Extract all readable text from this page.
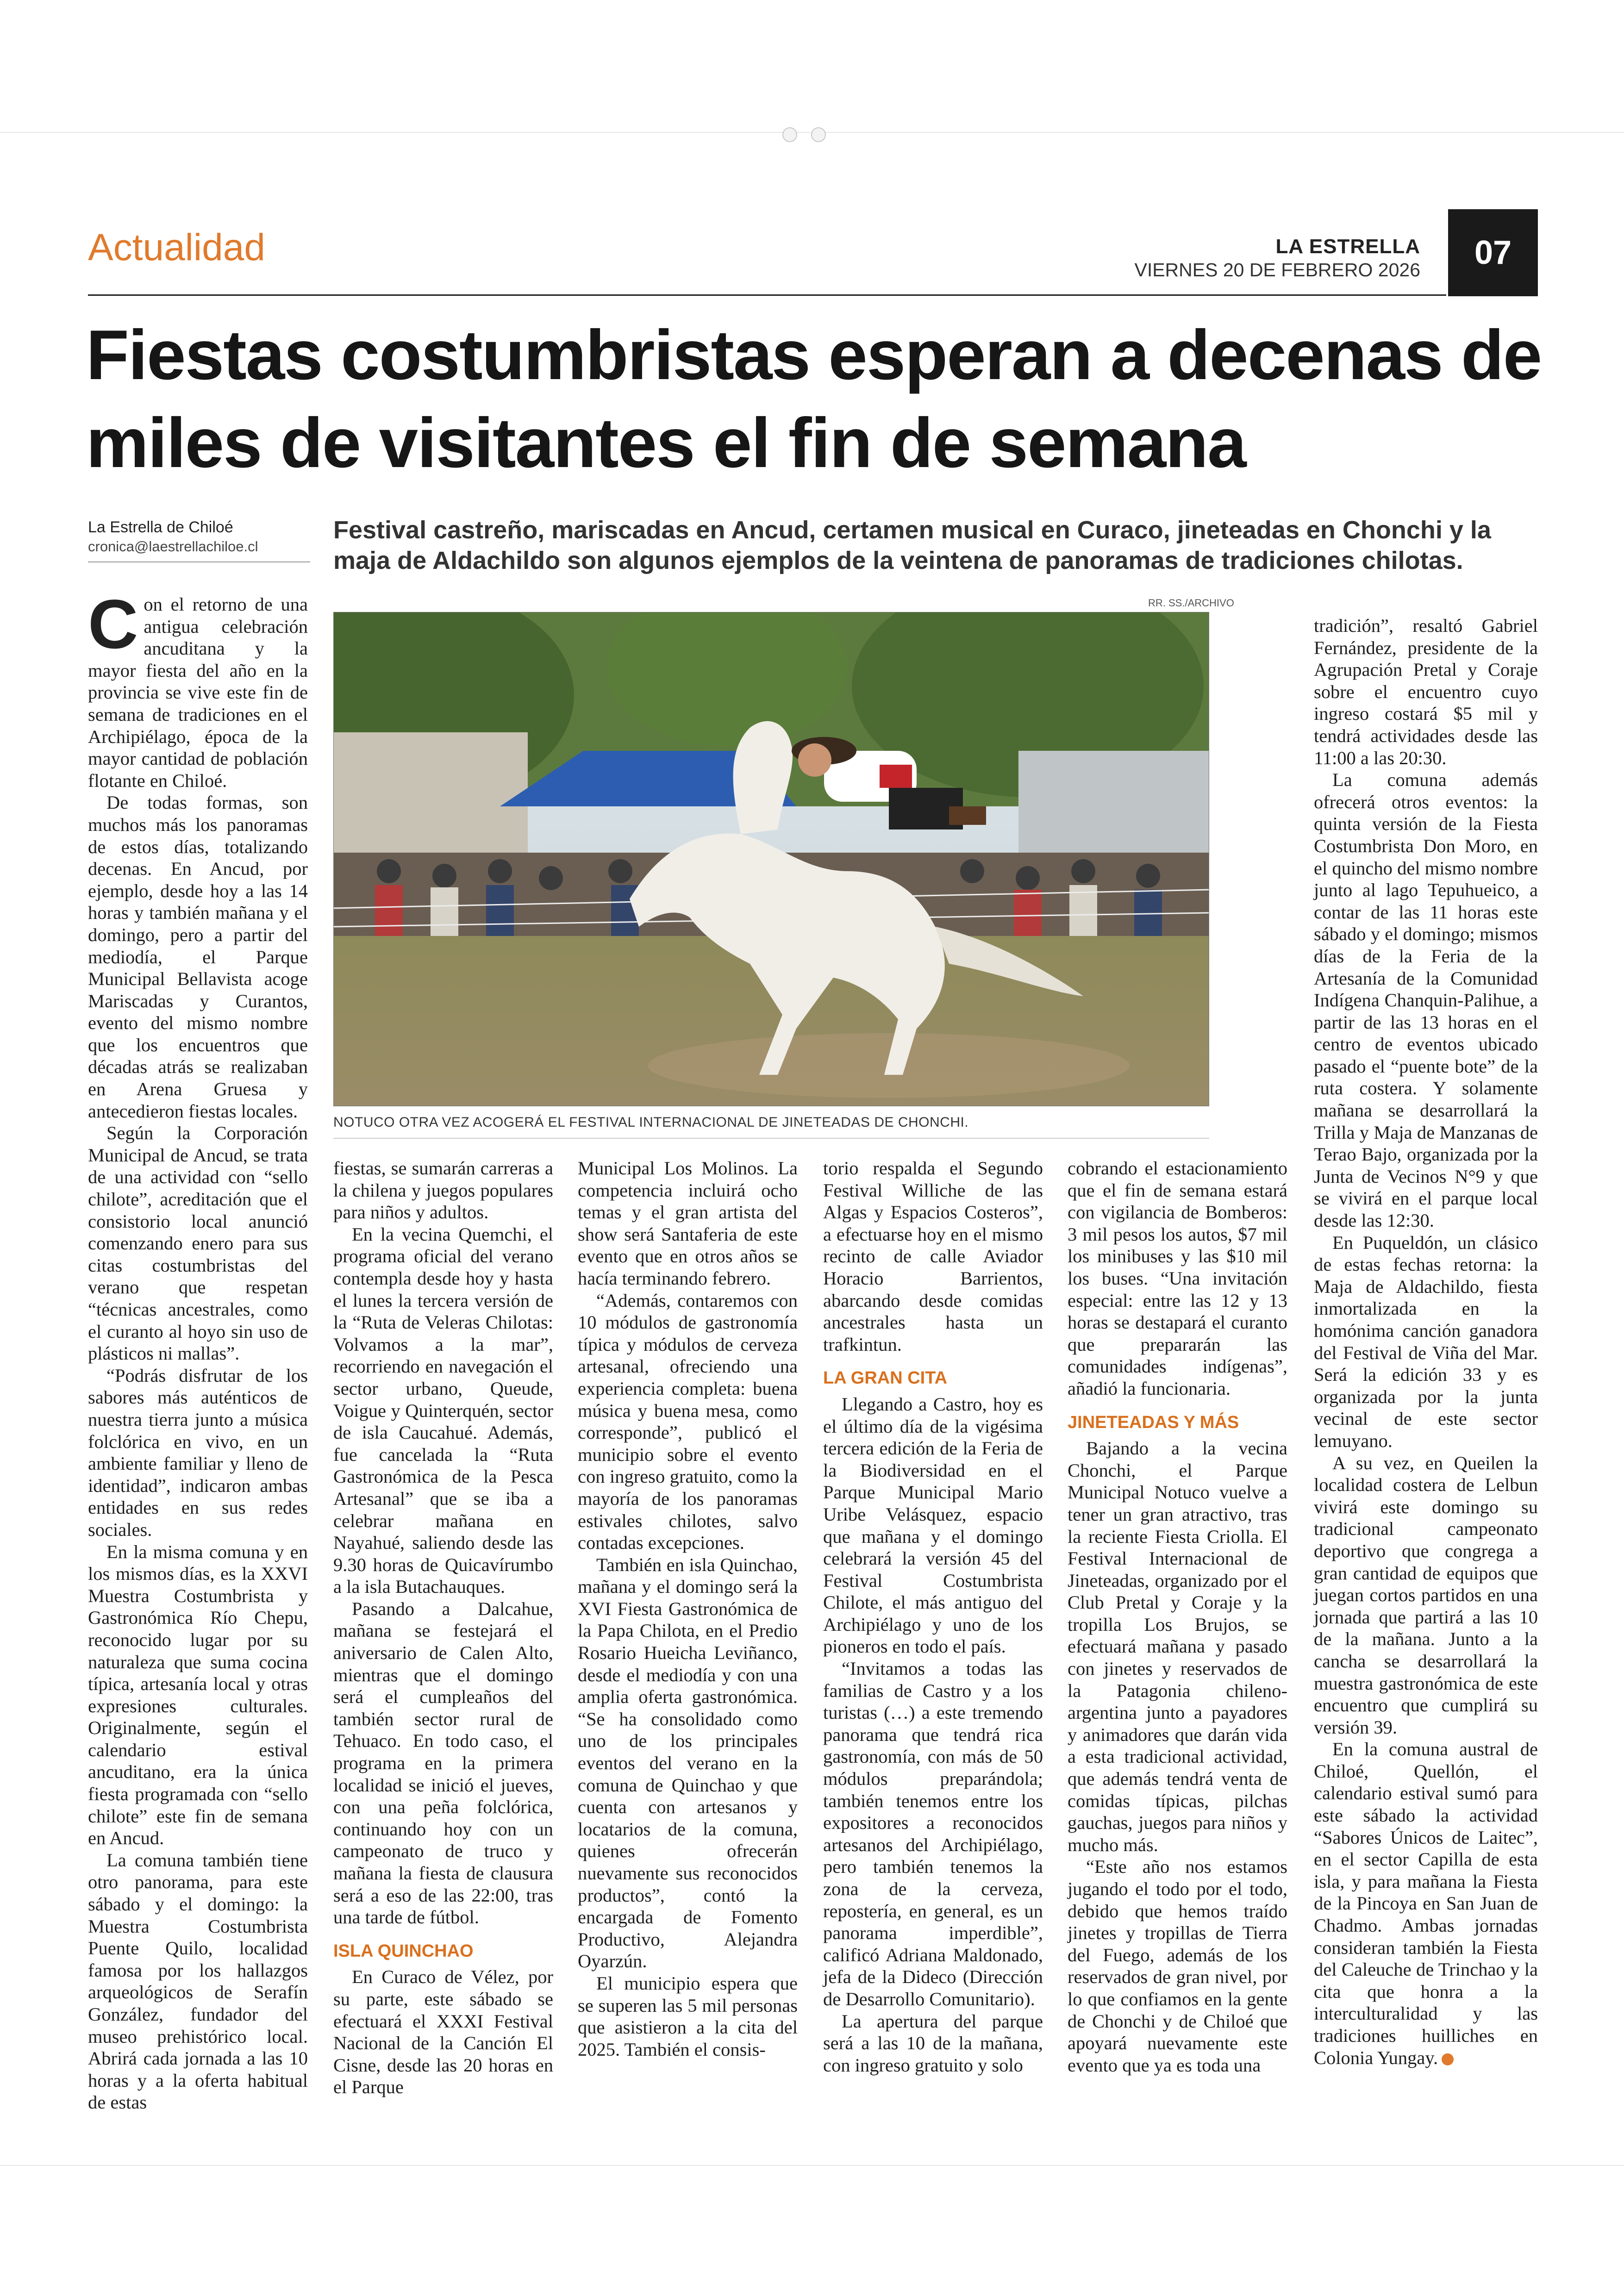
Actualidad	LA ESTRELLA
VIERNES 20 DE FEBRERO 2026	07
Fiestas costumbristas esperan a decenas de miles de visitantes el fin de semana
La Estrella de Chiloé
cronica@laestrellachiloe.cl
Festival castreño, mariscadas en Ancud, certamen musical en Curaco, jineteadas en Chonchi y la maja de Aldachildo son algunos ejemplos de la veintena de panoramas de tradiciones chilotas.
RR. SS./ARCHIVO
NOTUCO OTRA VEZ ACOGERÁ EL FESTIVAL INTERNACIONAL DE JINETEADAS DE CHONCHI.

Con el retorno de una antigua celebración ancuditana y la mayor fiesta del año en la provincia se vive este fin de semana de tradiciones en el Archipiélago, época de la mayor cantidad de población flotante en Chiloé.

De todas formas, son muchos más los panoramas de estos días, totalizando decenas. En Ancud, por ejemplo, desde hoy a las 14 horas y también mañana y el domingo, pero a partir del mediodía, el Parque Municipal Bellavista acoge Mariscadas y Curantos, evento del mismo nombre que los encuentros que décadas atrás se realizaban en Arena Gruesa y antecedieron fiestas locales.

Según la Corporación Municipal de Ancud, se trata de una actividad con “sello chilote”, acreditación que el consistorio local anunció comenzando enero para sus citas costumbristas del verano que respetan “técnicas ancestrales, como el curanto al hoyo sin uso de plásticos ni mallas”.

“Podrás disfrutar de los sabores más auténticos de nuestra tierra junto a música folclórica en vivo, en un ambiente familiar y lleno de identidad”, indicaron ambas entidades en sus redes sociales.

En la misma comuna y en los mismos días, es la XXVI Muestra Costumbrista y Gastronómica Río Chepu, reconocido lugar por su naturaleza que suma cocina típica, artesanía local y otras expresiones culturales. Originalmente, según el calendario estival ancuditano, era la única fiesta programada con “sello chilote” este fin de semana en Ancud.

La comuna también tiene otro panorama, para este sábado y el domingo: la Muestra Costumbrista Puente Quilo, localidad famosa por los hallazgos arqueológicos de Serafín González, fundador del museo prehistórico local. Abrirá cada jornada a las 10 horas y a la oferta habitual de estas

fiestas, se sumarán carreras a la chilena y juegos populares para niños y adultos.

En la vecina Quemchi, el programa oficial del verano contempla desde hoy y hasta el lunes la tercera versión de la “Ruta de Veleras Chilotas: Volvamos a la mar”, recorriendo en navegación el sector urbano, Queude, Voigue y Quinterquén, sector de isla Caucahué. Además, fue cancelada la “Ruta Gastronómica de la Pesca Artesanal” que se iba a celebrar mañana en Nayahué, saliendo desde las 9.30 horas de Quicavírumbo a la isla Butachauques.

Pasando a Dalcahue, mañana se festejará el aniversario de Calen Alto, mientras que el domingo será el cumpleaños del también sector rural de Tehuaco. En todo caso, el programa en la primera localidad se inició el jueves, con una peña folclórica, continuando hoy con un campeonato de truco y mañana la fiesta de clausura será a eso de las 22:00, tras una tarde de fútbol.

ISLA QUINCHAO

En Curaco de Vélez, por su parte, este sábado se efectuará el XXXI Festival Nacional de la Canción El Cisne, desde las 20 horas en el Parque

Municipal Los Molinos. La competencia incluirá ocho temas y el gran artista del show será Santaferia de este evento que en otros años se hacía terminando febrero.

“Además, contaremos con 10 módulos de gastronomía típica y módulos de cerveza artesanal, ofreciendo una experiencia completa: buena música y buena mesa, como corresponde”, publicó el municipio sobre el evento con ingreso gratuito, como la mayoría de los panoramas estivales chilotes, salvo contadas excepciones.

También en isla Quinchao, mañana y el domingo será la XVI Fiesta Gastronómica de la Papa Chilota, en el Predio Rosario Hueicha Leviñanco, desde el mediodía y con una amplia oferta gastronómica. “Se ha consolidado como uno de los principales eventos del verano en la comuna de Quinchao y que cuenta con artesanos y locatarios de la comuna, quienes ofrecerán nuevamente sus reconocidos productos”, contó la encargada de Fomento Productivo, Alejandra Oyarzún.

El municipio espera que se superen las 5 mil personas que asistieron a la cita del 2025. También el consis-

torio respalda el Segundo Festival Williche de las Algas y Espacios Costeros”, a efectuarse hoy en el mismo recinto de calle Aviador Horacio Barrientos, abarcando desde comidas ancestrales hasta un trafkintun.

LA GRAN CITA

Llegando a Castro, hoy es el último día de la vigésima tercera edición de la Feria de la Biodiversidad en el Parque Municipal Mario Uribe Velásquez, espacio que mañana y el domingo celebrará la versión 45 del Festival Costumbrista Chilote, el más antiguo del Archipiélago y uno de los pioneros en todo el país.

“Invitamos a todas las familias de Castro y a los turistas (…) a este tremendo panorama que tendrá rica gastronomía, con más de 50 módulos preparándola; también tenemos entre los expositores a reconocidos artesanos del Archipiélago, pero también tenemos la zona de la cerveza, repostería, en general, es un panorama imperdible”, calificó Adriana Maldonado, jefa de la Dideco (Dirección de Desarrollo Comunitario).

La apertura del parque será a las 10 de la mañana, con ingreso gratuito y solo

cobrando el estacionamiento que el fin de semana estará con vigilancia de Bomberos: 3 mil pesos los autos, $7 mil los minibuses y las $10 mil los buses. “Una invitación especial: entre las 12 y 13 horas se destapará el curanto que prepararán las comunidades indígenas”, añadió la funcionaria.

JINETEADAS Y MÁS

Bajando a la vecina Chonchi, el Parque Municipal Notuco vuelve a tener un gran atractivo, tras la reciente Fiesta Criolla. El Festival Internacional de Jineteadas, organizado por el Club Pretal y Coraje y la tropilla Los Brujos, se efectuará mañana y pasado con jinetes y reservados de la Patagonia chileno-argentina junto a payadores y animadores que darán vida a esta tradicional actividad, que además tendrá venta de comidas típicas, pilchas gauchas, juegos para niños y mucho más.

“Este año nos estamos jugando el todo por el todo, debido que hemos traído jinetes y tropillas de Tierra del Fuego, además de los reservados de gran nivel, por lo que confiamos en la gente de Chonchi y de Chiloé que apoyará nuevamente este evento que ya es toda una

tradición”, resaltó Gabriel Fernández, presidente de la Agrupación Pretal y Coraje sobre el encuentro cuyo ingreso costará $5 mil y tendrá actividades desde las 11:00 a las 20:30.

La comuna además ofrecerá otros eventos: la quinta versión de la Fiesta Costumbrista Don Moro, en el quincho del mismo nombre junto al lago Tepuhueico, a contar de las 11 horas este sábado y el domingo; mismos días de la Feria de la Artesanía de la Comunidad Indígena Chanquin-Palihue, a partir de las 13 horas en el centro de eventos ubicado pasado el “puente bote” de la ruta costera. Y solamente mañana se desarrollará la Trilla y Maja de Manzanas de Terao Bajo, organizada por la Junta de Vecinos N°9 y que se vivirá en el parque local desde las 12:30.

En Puqueldón, un clásico de estas fechas retorna: la Maja de Aldachildo, fiesta inmortalizada en la homónima canción ganadora del Festival de Viña del Mar. Será la edición 33 y es organizada por la junta vecinal de este sector lemuyano.

A su vez, en Queilen la localidad costera de Lelbun vivirá este domingo su tradicional campeonato deportivo que congrega a gran cantidad de equipos que juegan cortos partidos en una jornada que partirá a las 10 de la mañana. Junto a la cancha se desarrollará la muestra gastronómica de este encuentro que cumplirá su versión 39.

En la comuna austral de Chiloé, Quellón, el calendario estival sumó para este sábado la actividad “Sabores Únicos de Laitec”, en el sector Capilla de esta isla, y para mañana la Fiesta de la Pincoya en San Juan de Chadmo. Ambas jornadas consideran también la Fiesta del Caleuche de Trinchao y la cita que honra a la interculturalidad y las tradiciones huilliches en Colonia Yungay.
